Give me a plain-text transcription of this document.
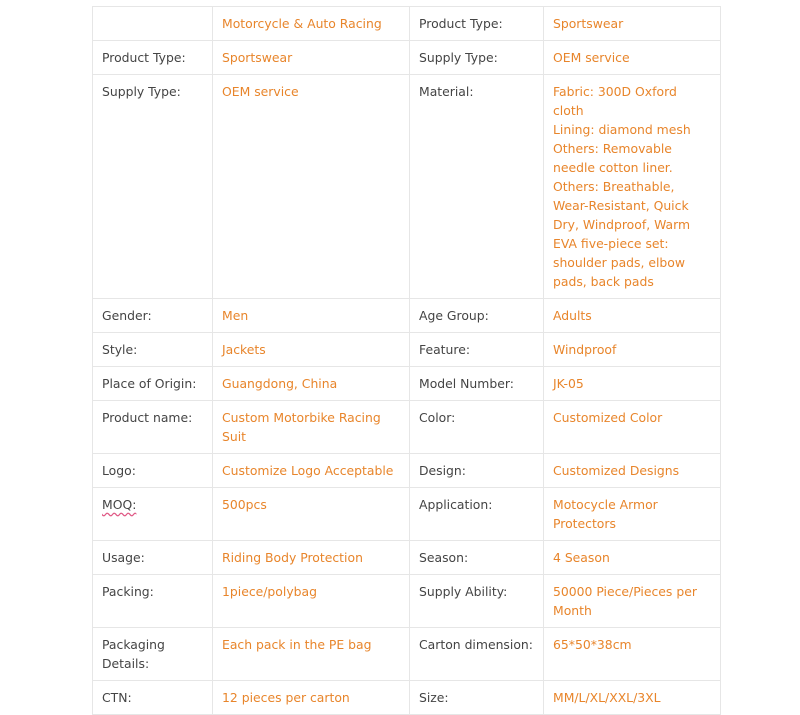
	Motorcycle & Auto Racing	Product Type:	Sportswear
Product Type:	Sportswear	Supply Type:	OEM service
Supply Type:	OEM service	Material:	Fabric: 300D Oxford cloth
Lining: diamond mesh
Others: Removable needle cotton liner.
Others: Breathable, Wear-Resistant, Quick Dry, Windproof, Warm
EVA five-piece set: shoulder pads, elbow pads, back pads
Gender:	Men	Age Group:	Adults
Style:	Jackets	Feature:	Windproof
Place of Origin:	Guangdong, China	Model Number:	JK-05
Product name:	Custom Motorbike Racing Suit	Color:	Customized Color
Logo:	Customize Logo Acceptable	Design:	Customized Designs
MOQ:	500pcs	Application:	Motocycle Armor Protectors
Usage:	Riding Body Protection	Season:	4 Season
Packing:	1piece/polybag	Supply Ability:	50000 Piece/Pieces per Month
Packaging Details:	Each pack in the PE bag	Carton dimension:	65*50*38cm
CTN:	12 pieces per carton	Size:	MM/L/XL/XXL/3XL
